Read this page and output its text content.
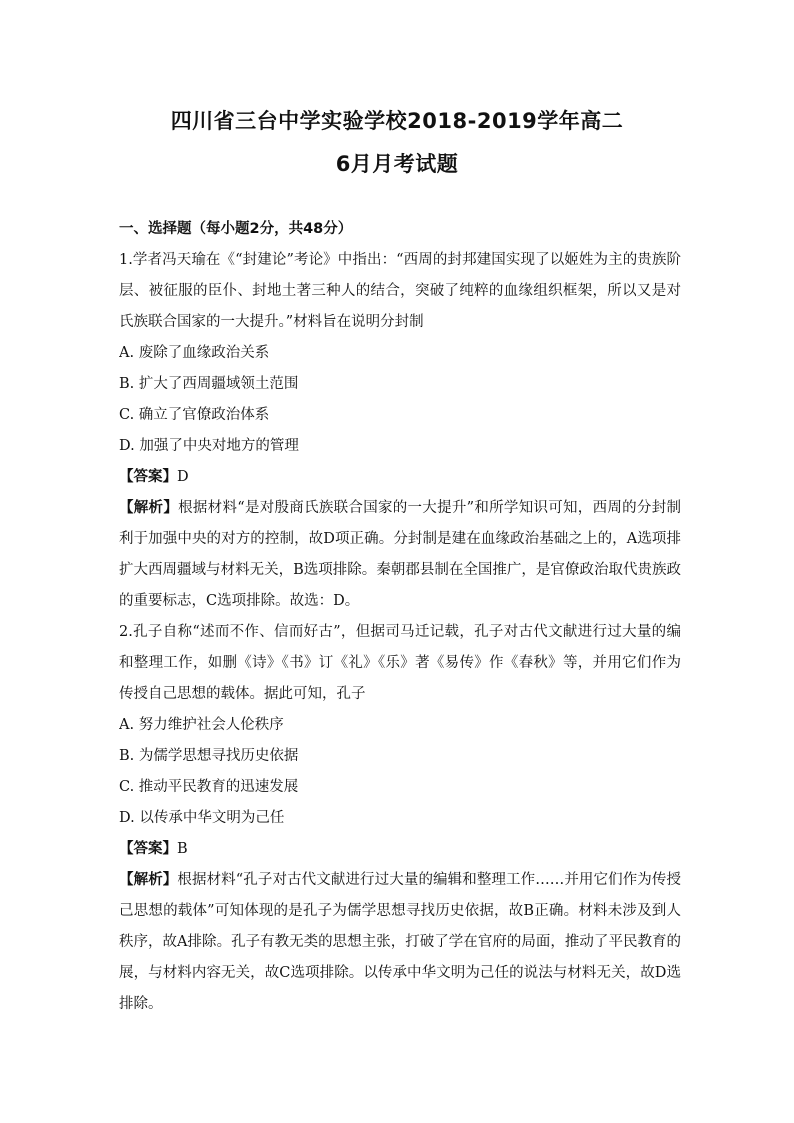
四川省三台中学实验学校2018-2019学年高二
6月月考试题
一、选择题（每小题2分，共48分）
1.学者冯天瑜在《“封建论”考论》中指出：“西周的封邦建国实现了以姬姓为主的贵族阶
层、被征服的臣仆、封地土著三种人的结合，突破了纯粹的血缘组织框架，所以又是对
氏族联合国家的一大提升。”材料旨在说明分封制
A. 废除了血缘政治关系
B. 扩大了西周疆域领土范围
C. 确立了官僚政治体系
D. 加强了中央对地方的管理
【答案】D
【解析】根据材料“是对殷商氏族联合国家的一大提升”和所学知识可知，西周的分封制
利于加强中央的对方的控制，故D项正确。分封制是建在血缘政治基础之上的，A选项排
扩大西周疆域与材料无关，B选项排除。秦朝郡县制在全国推广，是官僚政治取代贵族政
的重要标志，C选项排除。故选：D。
2.孔子自称“述而不作、信而好古”，但据司马迁记载，孔子对古代文献进行过大量的编
和整理工作，如删《诗》《书》订《礼》《乐》著《易传》作《春秋》等，并用它们作为
传授自己思想的载体。据此可知，孔子
A. 努力维护社会人伦秩序
B. 为儒学思想寻找历史依据
C. 推动平民教育的迅速发展
D. 以传承中华文明为己任
【答案】B
【解析】根据材料“孔子对古代文献进行过大量的编辑和整理工作……并用它们作为传授
己思想的载体”可知体现的是孔子为儒学思想寻找历史依据，故B正确。材料未涉及到人
秩序，故A排除。孔子有教无类的思想主张，打破了学在官府的局面，推动了平民教育的
展，与材料内容无关，故C选项排除。以传承中华文明为己任的说法与材料无关，故D选
排除。
